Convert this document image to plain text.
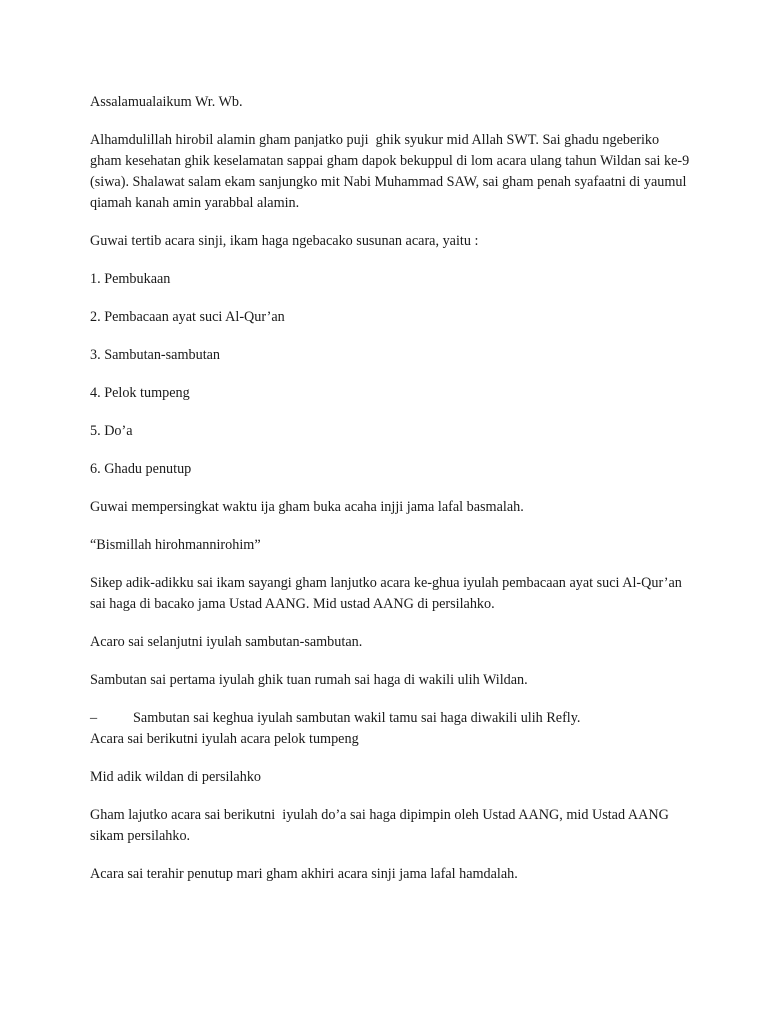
Assalamualaikum Wr. Wb.

Alhamdulillah hirobil alamin gham panjatko puji  ghik syukur mid Allah SWT. Sai ghadu ngeberiko gham kesehatan ghik keselamatan sappai gham dapok bekuppul di lom acara ulang tahun Wildan sai ke-9 (siwa). Shalawat salam ekam sanjungko mit Nabi Muhammad SAW, sai gham penah syafaatni di yaumul qiamah kanah amin yarabbal alamin.

Guwai tertib acara sinji, ikam haga ngebacako susunan acara, yaitu :

1. Pembukaan

2. Pembacaan ayat suci Al-Qur’an

3. Sambutan-sambutan

4. Pelok tumpeng

5. Do’a

6. Ghadu penutup

Guwai mempersingkat waktu ija gham buka acaha injji jama lafal basmalah.

“Bismillah hirohmannirohim”

Sikep adik-adikku sai ikam sayangi gham lanjutko acara ke-ghua iyulah pembacaan ayat suci Al-Qur’an sai haga di bacako jama Ustad AANG. Mid ustad AANG di persilahko.

Acaro sai selanjutni iyulah sambutan-sambutan.

Sambutan sai pertama iyulah ghik tuan rumah sai haga di wakili ulih Wildan.

–	Sambutan sai keghua iyulah sambutan wakil tamu sai haga diwakili ulih Refly.

Acara sai berikutni iyulah acara pelok tumpeng

Mid adik wildan di persilahko

Gham lajutko acara sai berikutni  iyulah do’a sai haga dipimpin oleh Ustad AANG, mid Ustad AANG sikam persilahko.

Acara sai terahir penutup mari gham akhiri acara sinji jama lafal hamdalah.
